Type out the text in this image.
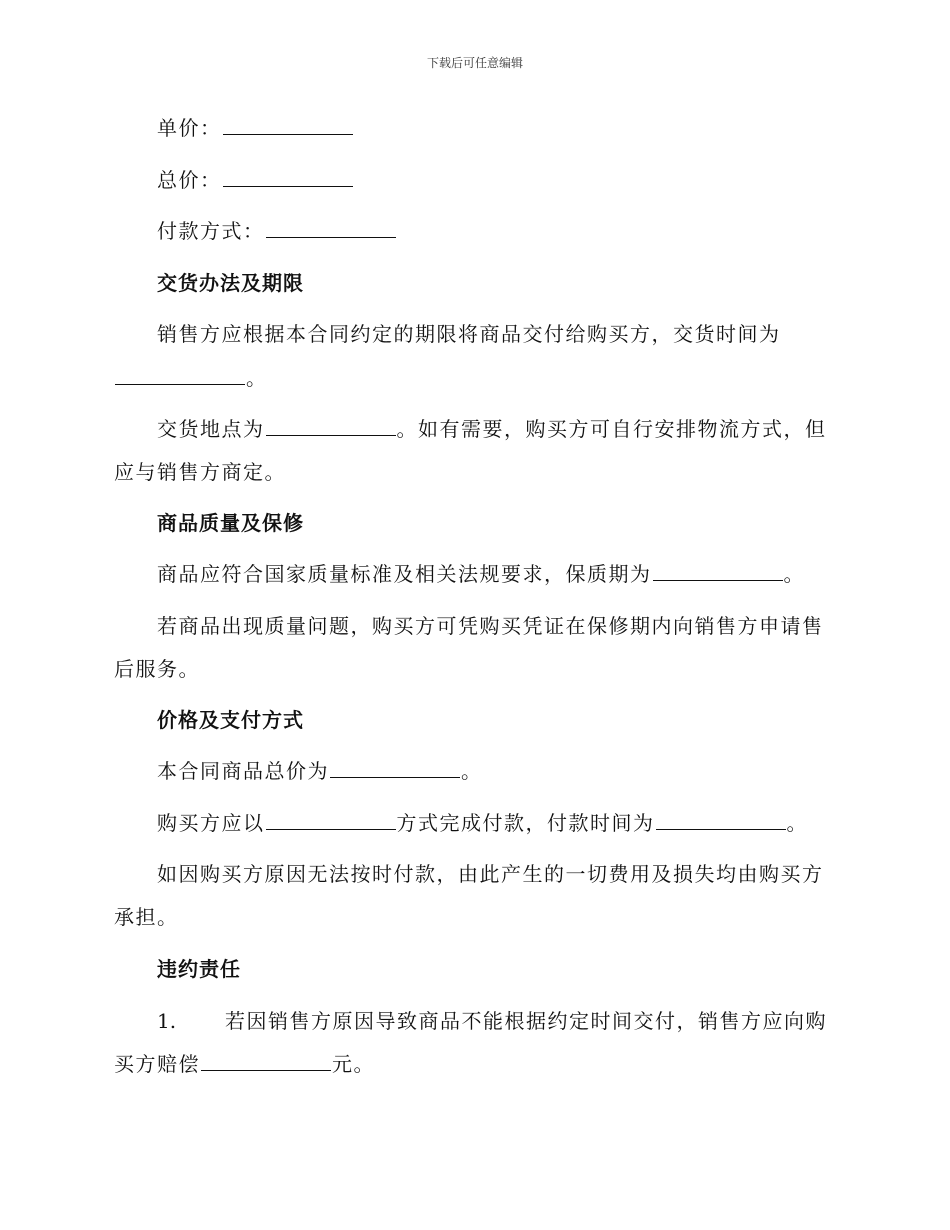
下载后可任意编辑
单价：
总价：
付款方式：
交货办法及期限
销售方应根据本合同约定的期限将商品交付给购买方，交货时间为
。
交货地点为	。如有需要，购买方可自行安排物流方式，但
应与销售方商定。
商品质量及保修
商品应符合国家质量标准及相关法规要求，保质期为	。
若商品出现质量问题，购买方可凭购买凭证在保修期内向销售方申请售
后服务。
价格及支付方式
本合同商品总价为	。
购买方应以	方式完成付款，付款时间为	。
如因购买方原因无法按时付款，由此产生的一切费用及损失均由购买方
承担。
违约责任
1. 若因销售方原因导致商品不能根据约定时间交付，销售方应向购
买方赔偿	元。
